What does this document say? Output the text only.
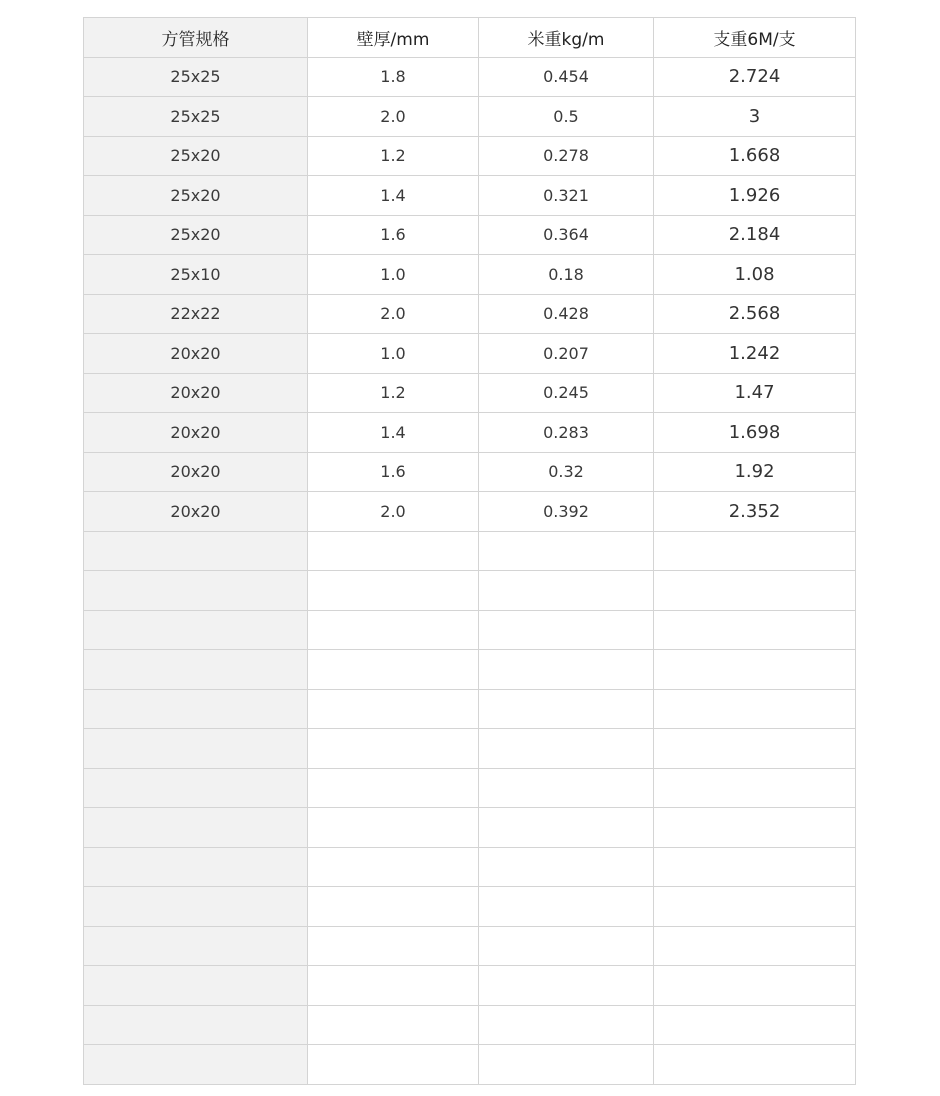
方管规格	壁厚/mm	米重kg/m	支重6M/支
25x25	1.8	0.454	2.724
25x25	2.0	0.5	3
25x20	1.2	0.278	1.668
25x20	1.4	0.321	1.926
25x20	1.6	0.364	2.184
25x10	1.0	0.18	1.08
22x22	2.0	0.428	2.568
20x20	1.0	0.207	1.242
20x20	1.2	0.245	1.47
20x20	1.4	0.283	1.698
20x20	1.6	0.32	1.92
20x20	2.0	0.392	2.352
